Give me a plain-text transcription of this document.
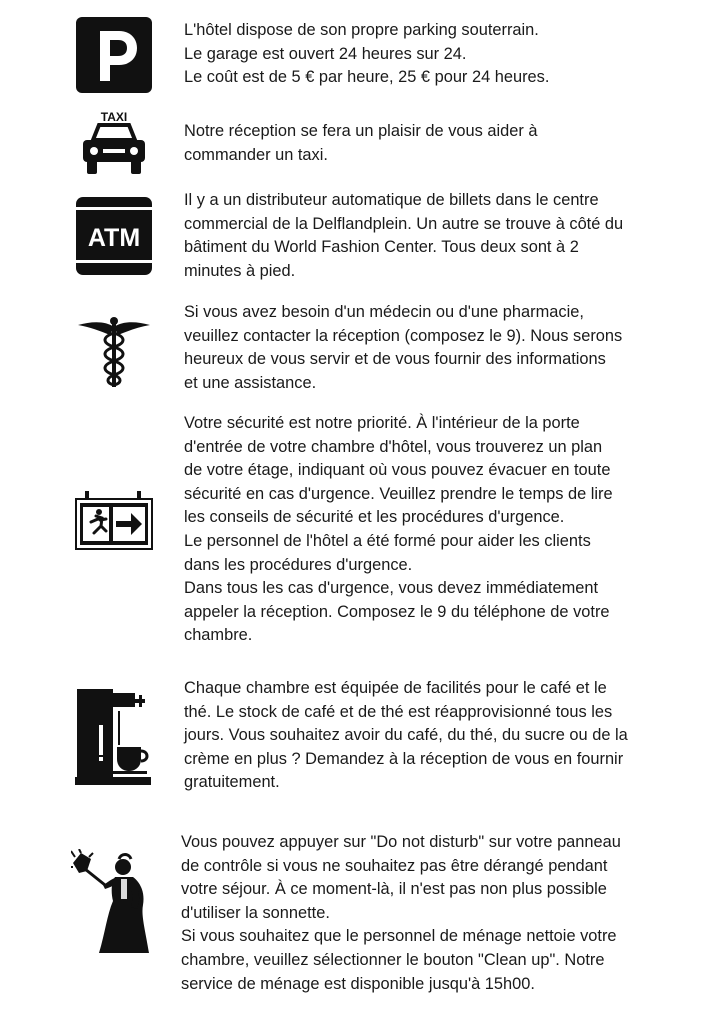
L'hôtel dispose de son propre parking souterrain.
Le garage est ouvert 24 heures sur 24.
Le coût est de 5 € par heure, 25 € pour 24 heures.
TAXI
Notre réception se fera un plaisir de vous aider à
commander un taxi.
ATM
Il y a un distributeur automatique de billets dans le centre
commercial de la Delflandplein. Un autre se trouve à côté du
bâtiment du World Fashion Center. Tous deux sont à 2
minutes à pied.
Si vous avez besoin d'un médecin ou d'une pharmacie,
veuillez contacter la réception (composez le 9). Nous serons
heureux de vous servir et de vous fournir des informations
et une assistance.
Votre sécurité est notre priorité. À l'intérieur de la porte
d'entrée de votre chambre d'hôtel, vous trouverez un plan
de votre étage, indiquant où vous pouvez évacuer en toute
sécurité en cas d'urgence. Veuillez prendre le temps de lire
les conseils de sécurité et les procédures d'urgence.
Le personnel de l'hôtel a été formé pour aider les clients
dans les procédures d'urgence.
Dans tous les cas d'urgence, vous devez immédiatement
appeler la réception. Composez le 9 du téléphone de votre
chambre.
Chaque chambre est équipée de facilités pour le café et le
thé. Le stock de café et de thé est réapprovisionné tous les
jours. Vous souhaitez avoir du café, du thé, du sucre ou de la
crème en plus ? Demandez à la réception de vous en fournir
gratuitement.
Vous pouvez appuyer sur "Do not disturb" sur votre panneau
de contrôle si vous ne souhaitez pas être dérangé pendant
votre séjour. À ce moment-là, il n'est pas non plus possible
d'utiliser la sonnette.
Si vous souhaitez que le personnel de ménage nettoie votre
chambre, veuillez sélectionner le bouton "Clean up". Notre
service de ménage est disponible jusqu'à 15h00.
